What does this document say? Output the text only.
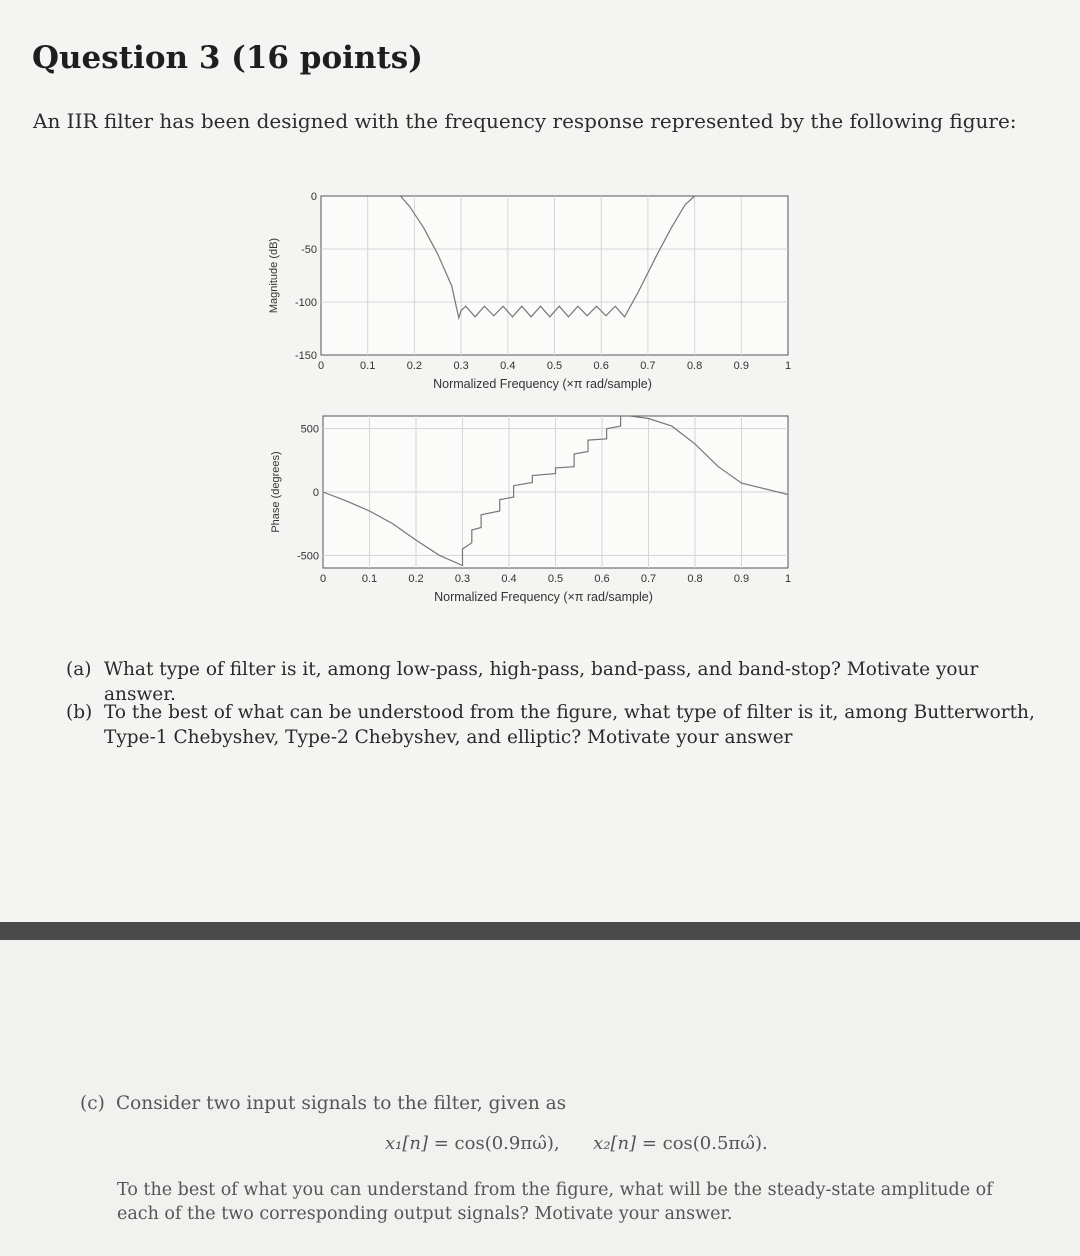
Question 3 (16 points)
An IIR filter has been designed with the frequency response represented by the following figure:
0	0.1	0.2	0.3	0.4	0.5	0.6	0.7	0.8	0.9	1
0
-50
-100
-150
Normalized Frequency (×π rad/sample)
Magnitude (dB)
0	0.1	0.2	0.3	0.4	0.5	0.6	0.7	0.8	0.9	1
500
0
-500
Normalized Frequency (×π rad/sample)
Phase (degrees)
(a) What type of filter is it, among low-pass, high-pass, band-pass, and band-stop? Motivate your answer.
(b) To the best of what can be understood from the figure, what type of filter is it, among Butterworth, Type-1 Chebyshev, Type-2 Chebyshev, and elliptic? Motivate your answer
(c) Consider two input signals to the filter, given as
x₁[n] = cos(0.9πω̂), x₂[n] = cos(0.5πω̂).
To the best of what you can understand from the figure, what will be the steady-state amplitude of each of the two corresponding output signals? Motivate your answer.
